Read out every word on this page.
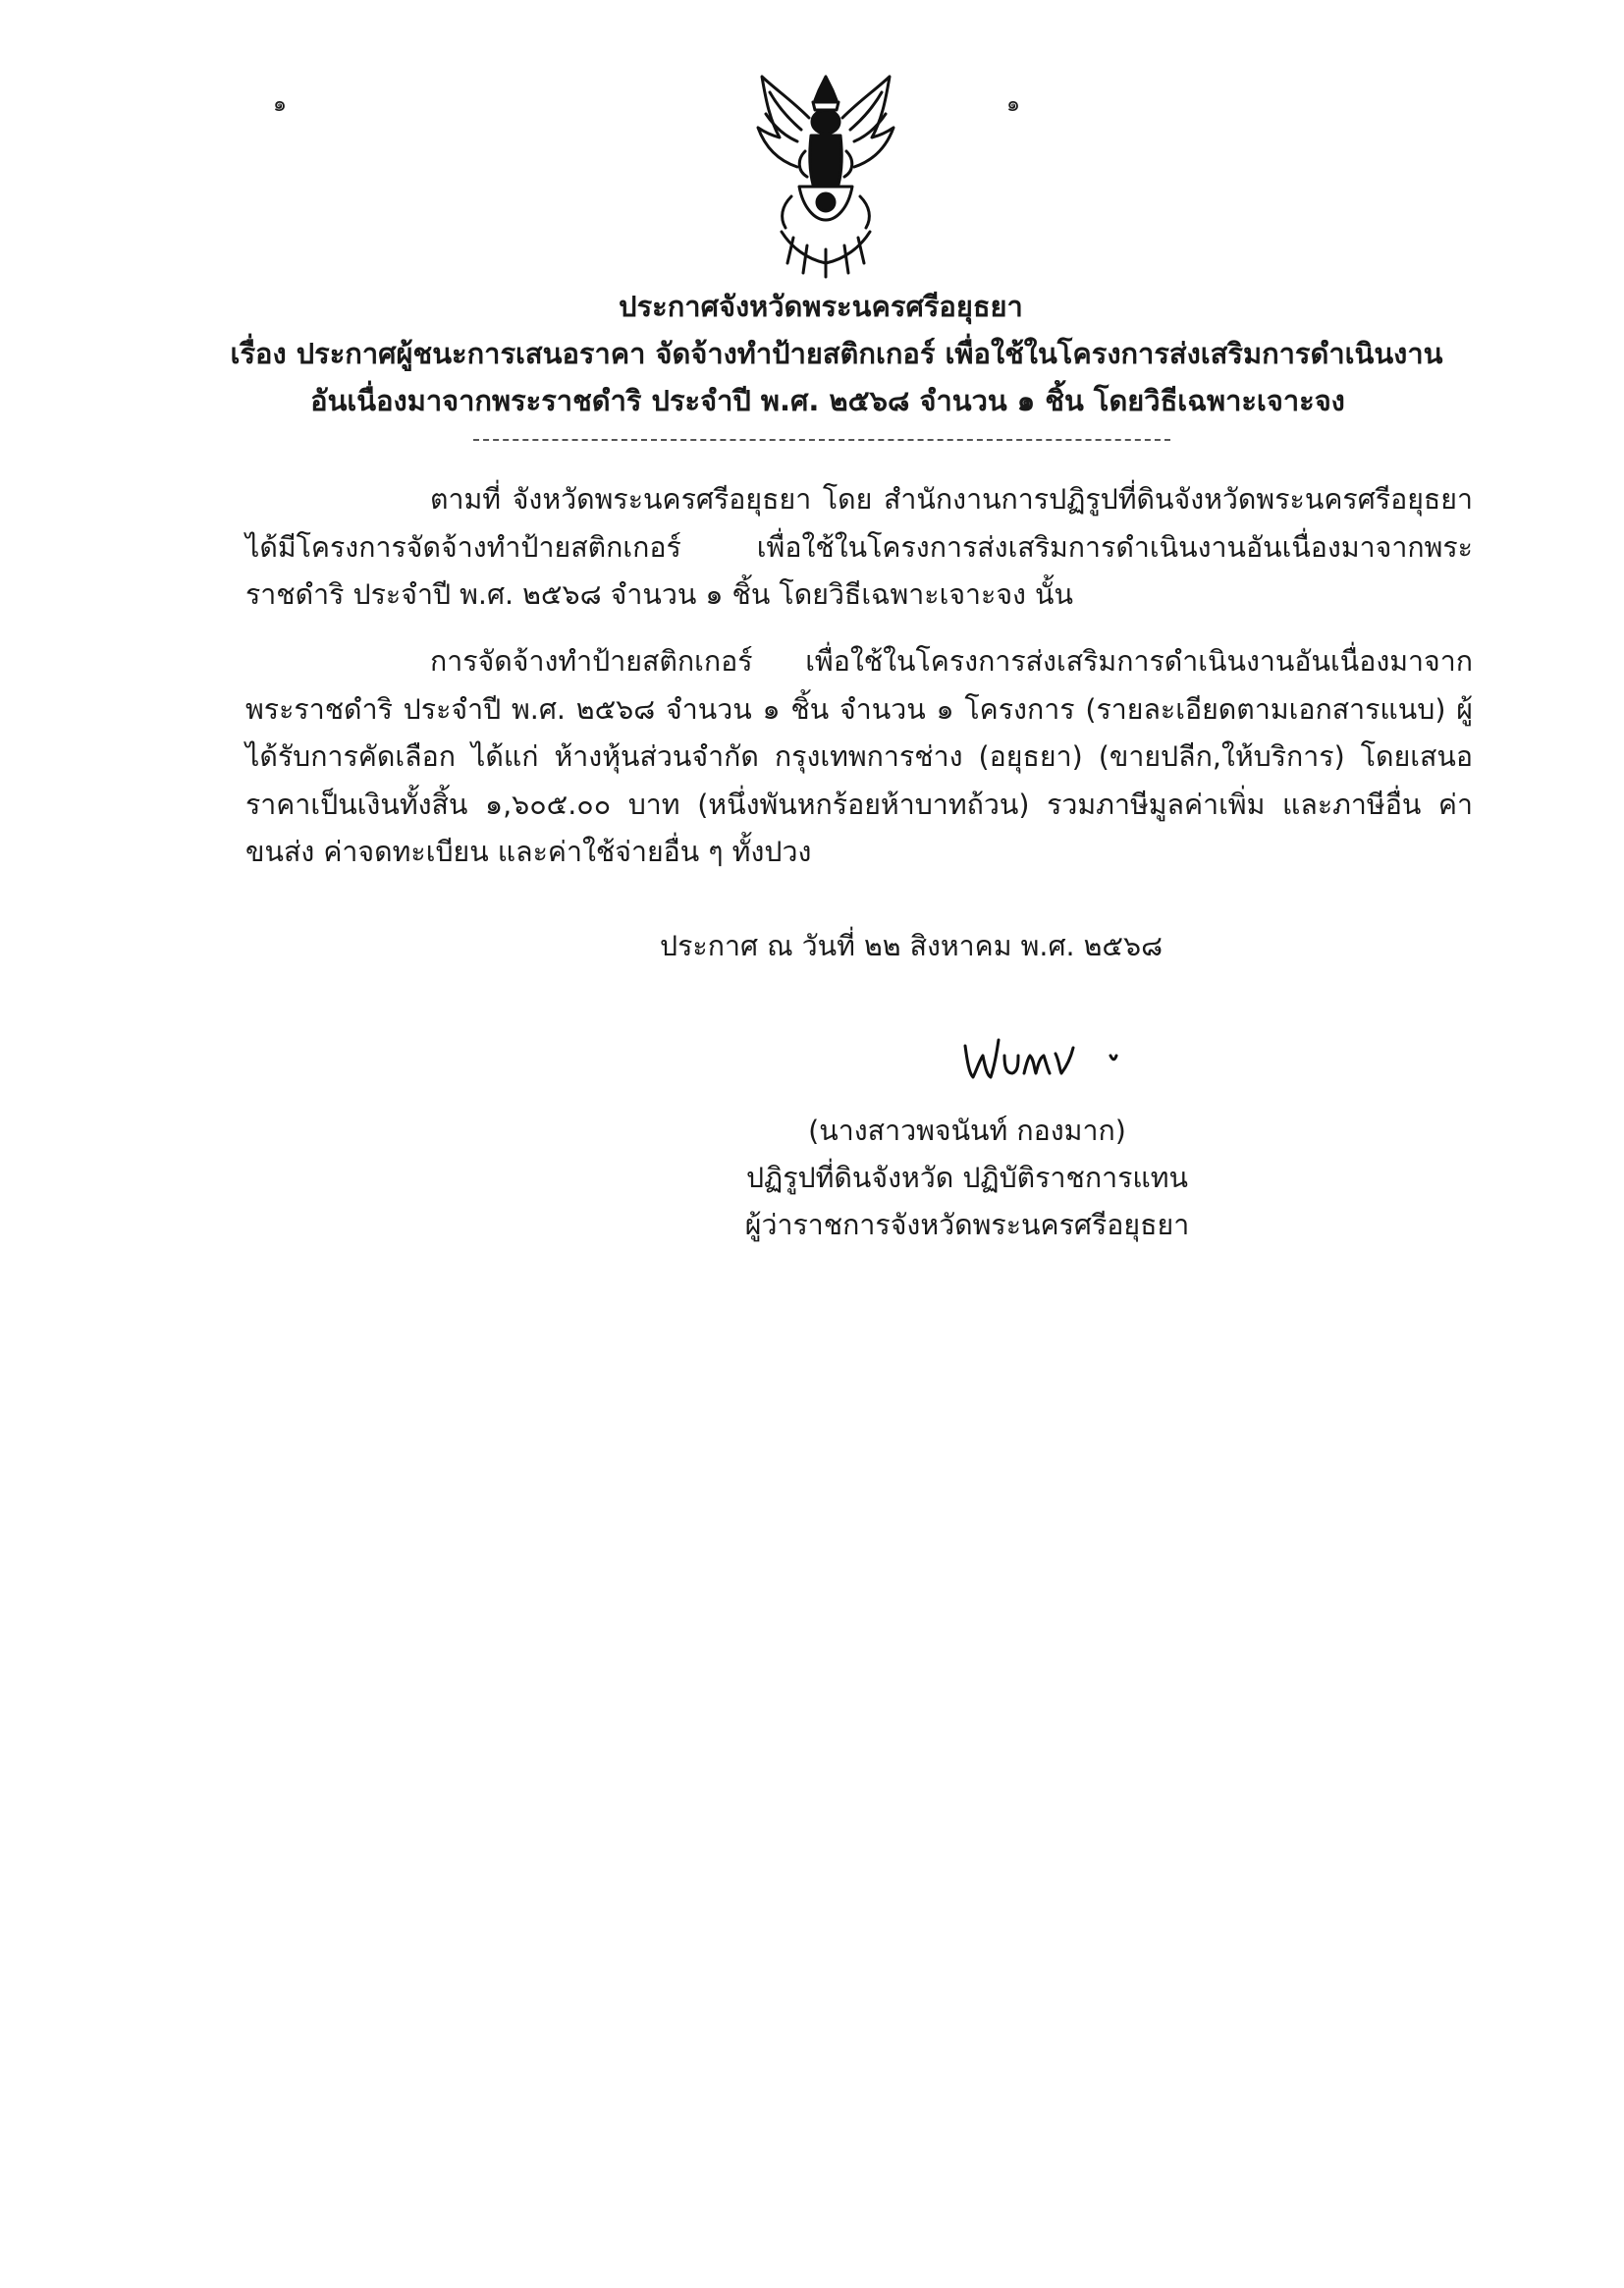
๑	๑
ประกาศจังหวัดพระนครศรีอยุธยา
เรื่อง ประกาศผู้ชนะการเสนอราคา จัดจ้างทำป้ายสติกเกอร์ เพื่อใช้ในโครงการส่งเสริมการดำเนินงาน
อันเนื่องมาจากพระราชดำริ ประจำปี พ.ศ. ๒๕๖๘ จำนวน ๑ ชิ้น โดยวิธีเฉพาะเจาะจง
ตามที่ จังหวัดพระนครศรีอยุธยา โดย สำนักงานการปฏิรูปที่ดินจังหวัดพระนครศรีอยุธยา ได้มีโครงการจัดจ้างทำป้ายสติกเกอร์ เพื่อใช้ในโครงการส่งเสริมการดำเนินงานอันเนื่องมาจากพระราชดำริ ประจำปี พ.ศ. ๒๕๖๘ จำนวน ๑ ชิ้น โดยวิธีเฉพาะเจาะจง นั้น
การจัดจ้างทำป้ายสติกเกอร์ เพื่อใช้ในโครงการส่งเสริมการดำเนินงานอันเนื่องมาจากพระราชดำริ ประจำปี พ.ศ. ๒๕๖๘ จำนวน ๑ ชิ้น จำนวน ๑ โครงการ (รายละเอียดตามเอกสารแนบ) ผู้ได้รับการคัดเลือก ได้แก่ ห้างหุ้นส่วนจำกัด กรุงเทพการช่าง (อยุธยา) (ขายปลีก,ให้บริการ) โดยเสนอราคาเป็นเงินทั้งสิ้น ๑,๖๐๕.๐๐ บาท (หนึ่งพันหกร้อยห้าบาทถ้วน) รวมภาษีมูลค่าเพิ่ม และภาษีอื่น ค่าขนส่ง ค่าจดทะเบียน และค่าใช้จ่ายอื่น ๆ ทั้งปวง
ประกาศ ณ วันที่ ๒๒ สิงหาคม พ.ศ. ๒๕๖๘
(นางสาวพจนันท์ กองมาก)
ปฏิรูปที่ดินจังหวัด ปฏิบัติราชการแทน
ผู้ว่าราชการจังหวัดพระนครศรีอยุธยา
